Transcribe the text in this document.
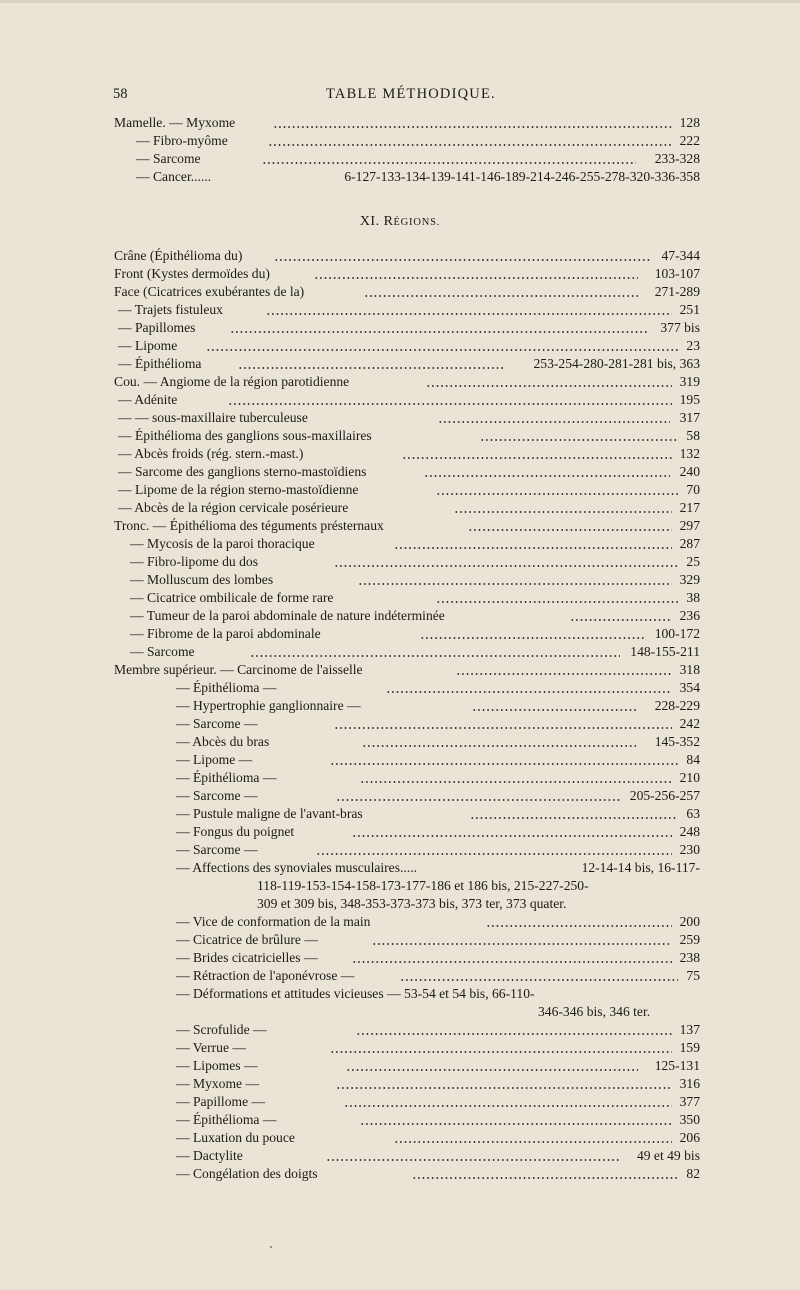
58	TABLE MÉTHODIQUE.
XI. RÉGIONS.
Mamelle. — Myxome	128
— Fibro-myôme	222
— Sarcome	233-328
— Cancer......	6-127-133-134-139-141-146-189-214-246-255-278-320-336-358
Crâne (Épithélioma du)	47-344
Front (Kystes dermoïdes du)	103-107
Face (Cicatrices exubérantes de la)	271-289
— Trajets fistuleux	251
— Papillomes	377 bis
— Lipome	23
— Épithélioma	253-254-280-281-281 bis, 363
Cou. — Angiome de la région parotidienne	319
— Adénite	195
— — sous-maxillaire tuberculeuse	317
— Épithélioma des ganglions sous-maxillaires	58
— Abcès froids (rég. stern.-mast.)	132
— Sarcome des ganglions sterno-mastoïdiens	240
— Lipome de la région sterno-mastoïdienne	70
— Abcès de la région cervicale posérieure	217
Tronc. — Épithélioma des téguments présternaux	297
— Mycosis de la paroi thoracique	287
— Fibro-lipome du dos	25
— Molluscum des lombes	329
— Cicatrice ombilicale de forme rare	38
— Tumeur de la paroi abdominale de nature indéterminée	236
— Fibrome de la paroi abdominale	100-172
— Sarcome	148-155-211
Membre supérieur. — Carcinome de l'aisselle	318
— Épithélioma —	354
— Hypertrophie ganglionnaire —	228-229
— Sarcome —	242
— Abcès du bras	145-352
— Lipome —	84
— Épithélioma —	210
— Sarcome —	205-256-257
— Pustule maligne de l'avant-bras	63
— Fongus du poignet	248
— Sarcome —	230
— Affections des synoviales musculaires.....	12-14-14 bis, 16-117-
118-119-153-154-158-173-177-186 et 186 bis, 215-227-250-
309 et 309 bis, 348-353-373-373 bis, 373 ter, 373 quater.
— Vice de conformation de la main	200
— Cicatrice de brûlure —	259
— Brides cicatricielles —	238
— Rétraction de l'aponévrose —	75
— Déformations et attitudes vicieuses — 53-54 et 54 bis, 66-110-
346-346 bis, 346 ter.
— Scrofulide —	137
— Verrue —	159
— Lipomes —	125-131
— Myxome —	316
— Papillome —	377
— Épithélioma —	350
— Luxation du pouce	206
— Dactylite	49 et 49 bis
— Congélation des doigts	82
